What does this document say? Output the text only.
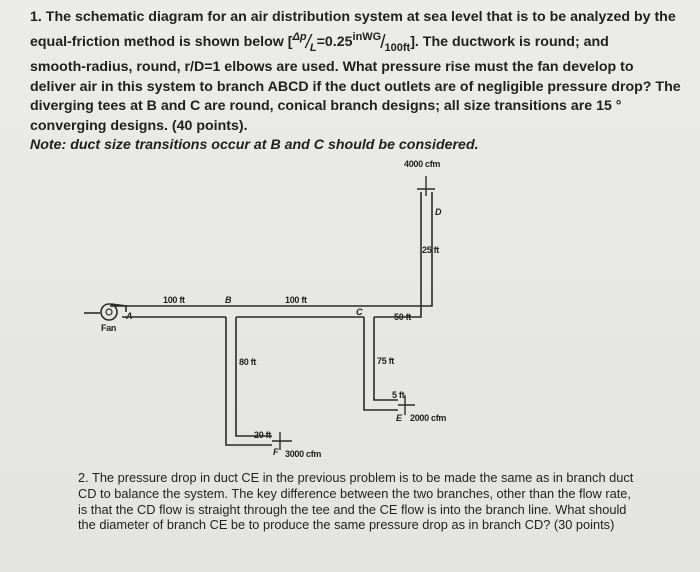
1. The schematic diagram for an air distribution system at sea level that is to be analyzed by the
equal-friction method is shown below $[^{\Delta p}/_L=0.25^{inWG}/_{100ft}]$. The ductwork is round; and
smooth-radius, round, r/D=1 elbows are used. What pressure rise must the fan develop to
deliver air in this system to branch ABCD if the duct outlets are of negligible pressure drop? The
diverging tees at B and C are round, conical branch designs; all size transitions are 15 °
converging designs. (40 points).
Note: duct size transitions occur at B and C should be considered.
Fan
A
100 ft	B	100 ft
C	50 ft
D
25 ft
4000 cfm
80 ft	75 ft
5 ft
E 2000 cfm
20 ft
F 3000 cfm
2. The pressure drop in duct CE in the previous problem is to be made the same as in branch duct CD to balance the system. The key difference between the two branches, other than the flow rate, is that the CD flow is straight through the tee and the CE flow is into the branch line. What should the diameter of branch CE be to produce the same pressure drop as in branch CD? (30 points)
